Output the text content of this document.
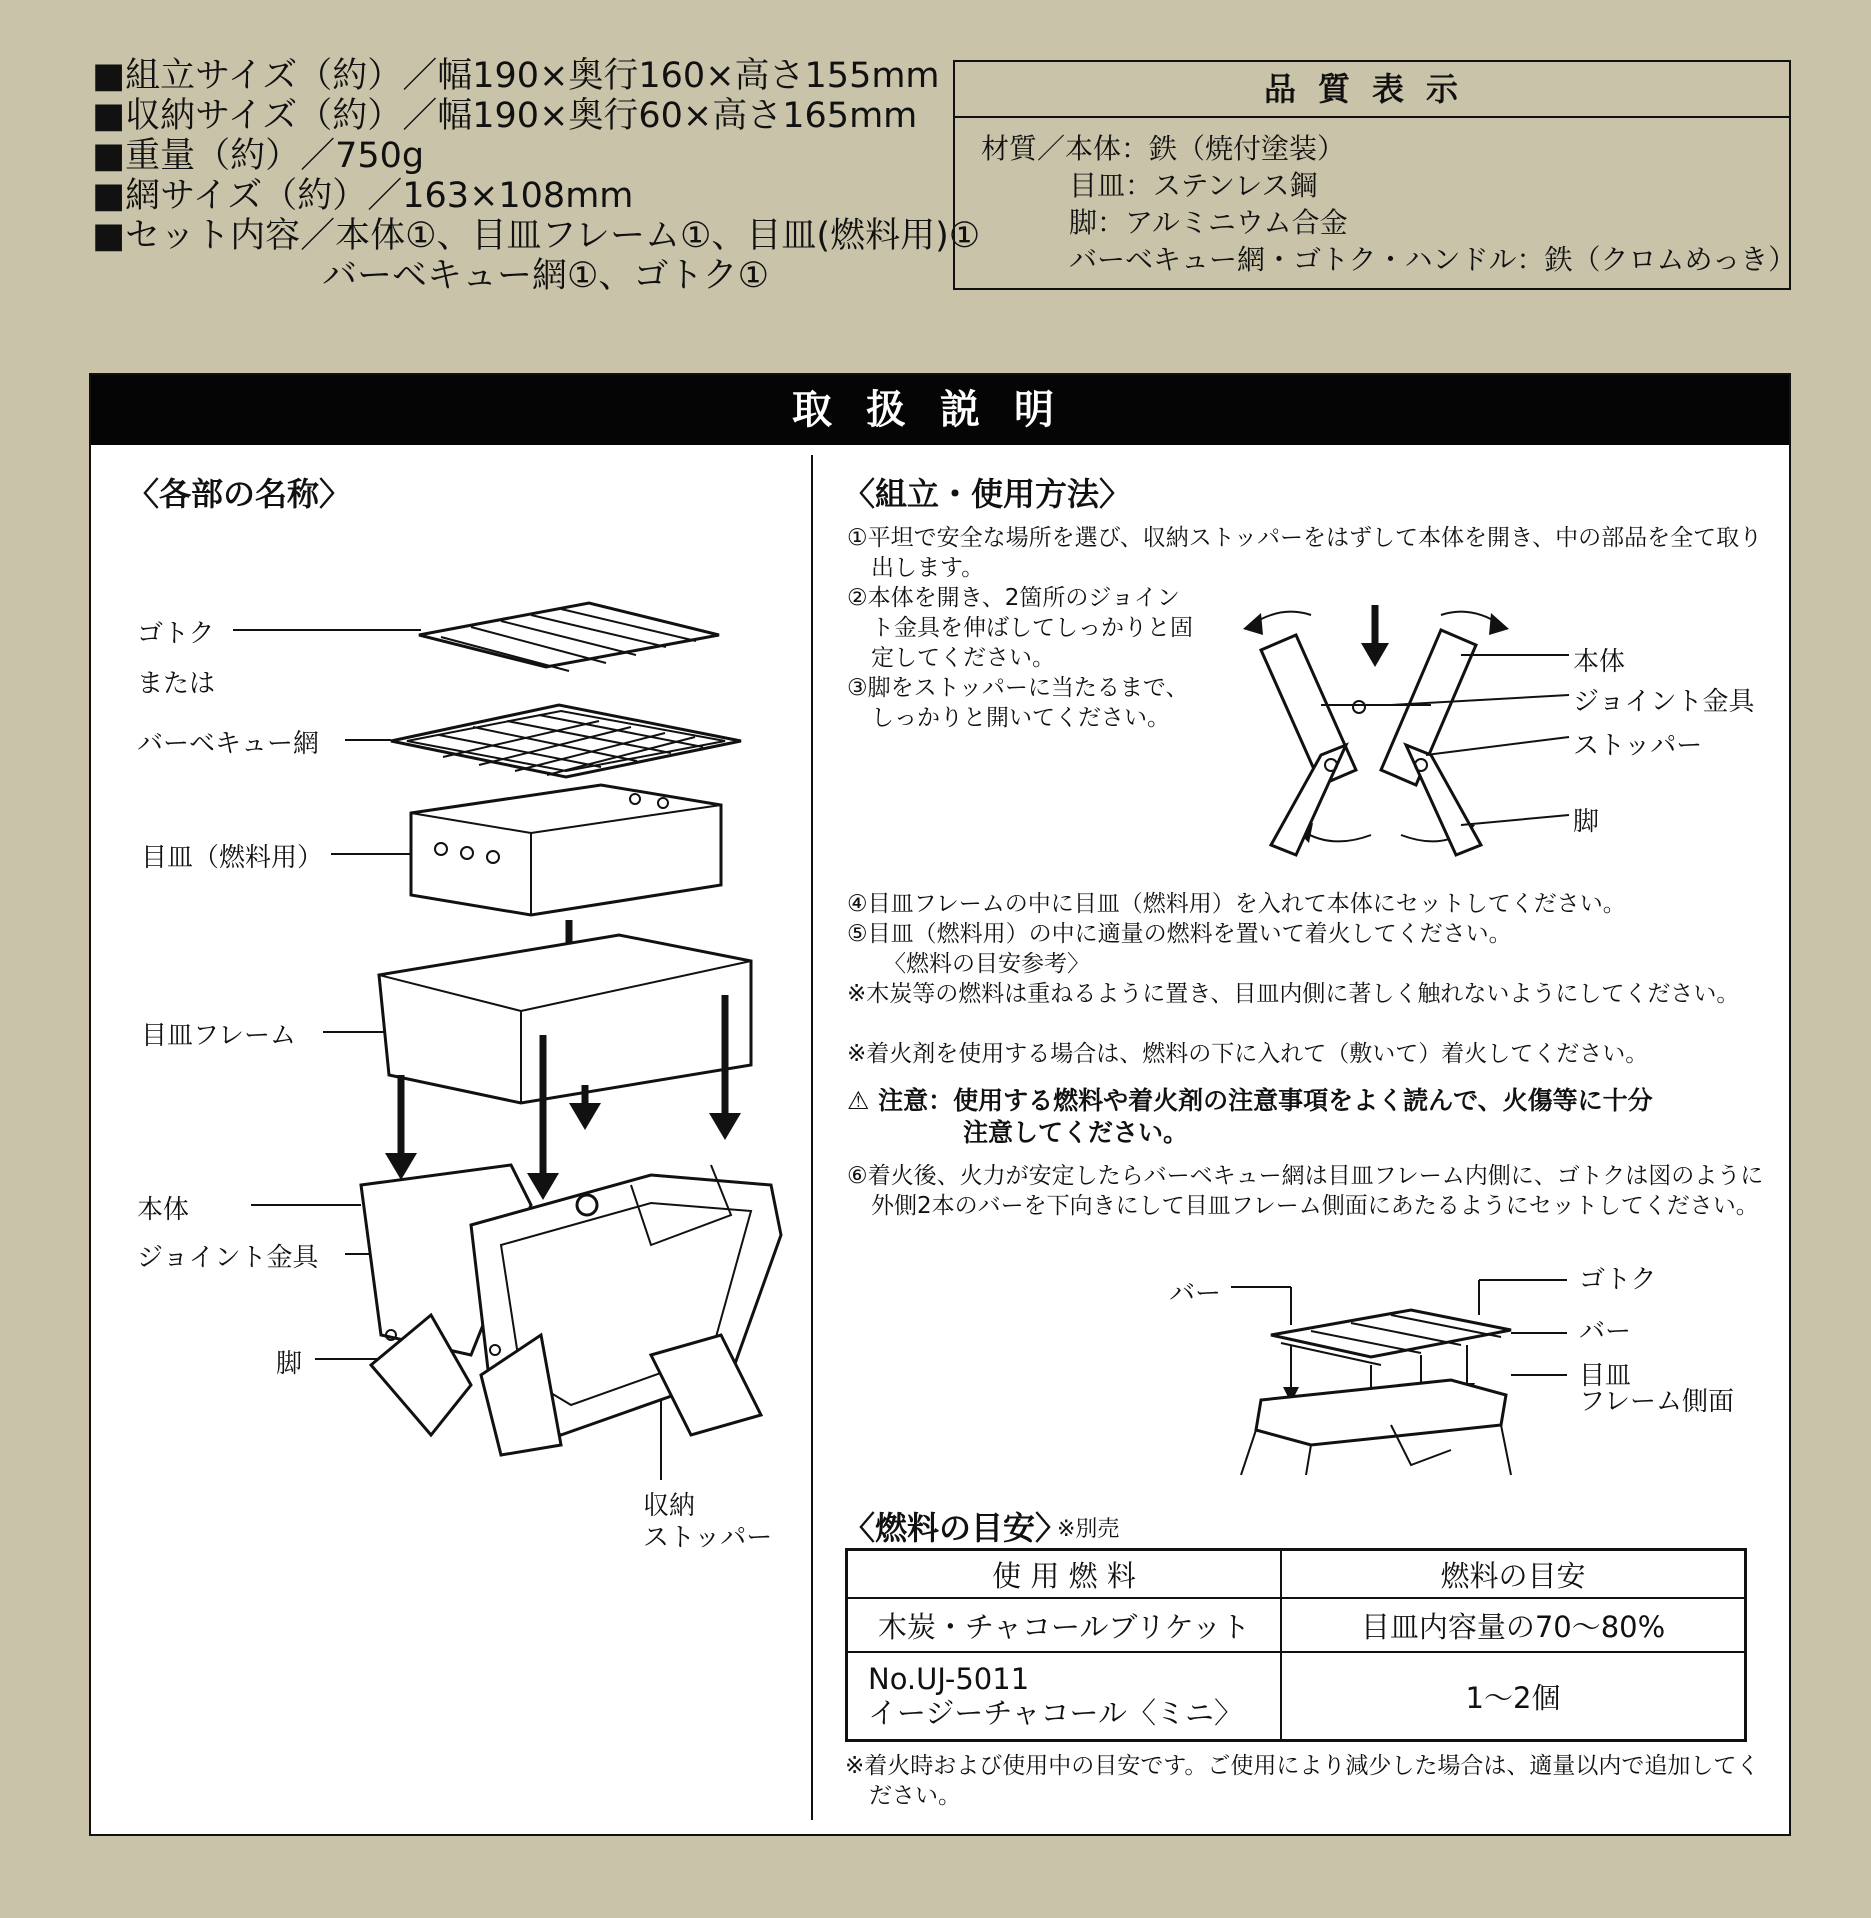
■組立サイズ（約）／幅190×奥行160×高さ155mm
■収納サイズ（約）／幅190×奥行60×高さ165mm
■重量（約）／750g
■網サイズ（約）／163×108mm
■セット内容／本体①、目皿フレーム①、目皿(燃料用)①
バーベキュー網①、ゴトク①
品質表示
材質／本体：鉄（焼付塗装）
目皿：ステンレス鋼
脚：アルミニウム合金
バーベキュー網・ゴトク・ハンドル：鉄（クロムめっき）
取扱説明
〈各部の名称〉
ゴトク
または
バーベキュー網
目皿（燃料用）
目皿フレーム
本体
ジョイント金具
脚
収納
ストッパー
〈組立・使用方法〉
①平坦で安全な場所を選び、収納ストッパーをはずして本体を開き、中の部品を全て取り出します。
②本体を開き、2箇所のジョイン
ト金具を伸ばしてしっかりと固
定してください。
③脚をストッパーに当たるまで、
しっかりと開いてください。
本体
ジョイント金具
ストッパー
脚
④目皿フレームの中に目皿（燃料用）を入れて本体にセットしてください。
⑤目皿（燃料用）の中に適量の燃料を置いて着火してください。
〈燃料の目安参考〉
※木炭等の燃料は重ねるように置き、目皿内側に著しく触れないようにしてください。
※着火剤を使用する場合は、燃料の下に入れて（敷いて）着火してください。
⚠ 注意：使用する燃料や着火剤の注意事項をよく読んで、火傷等に十分
注意してください。
⑥着火後、火力が安定したらバーベキュー網は目皿フレーム内側に、ゴトクは図のように外側2本のバーを下向きにして目皿フレーム側面にあたるようにセットしてください。
バー	ゴトク
バー
目皿
フレーム側面
〈燃料の目安〉
※別売
使 用 燃 料	燃料の目安
木炭・チャコールブリケット	目皿内容量の70〜80%

No.UJ-5011
イージーチャコール〈ミニ〉	1〜2個
※着火時および使用中の目安です。ご使用により減少した場合は、適量以内で追加してください。
